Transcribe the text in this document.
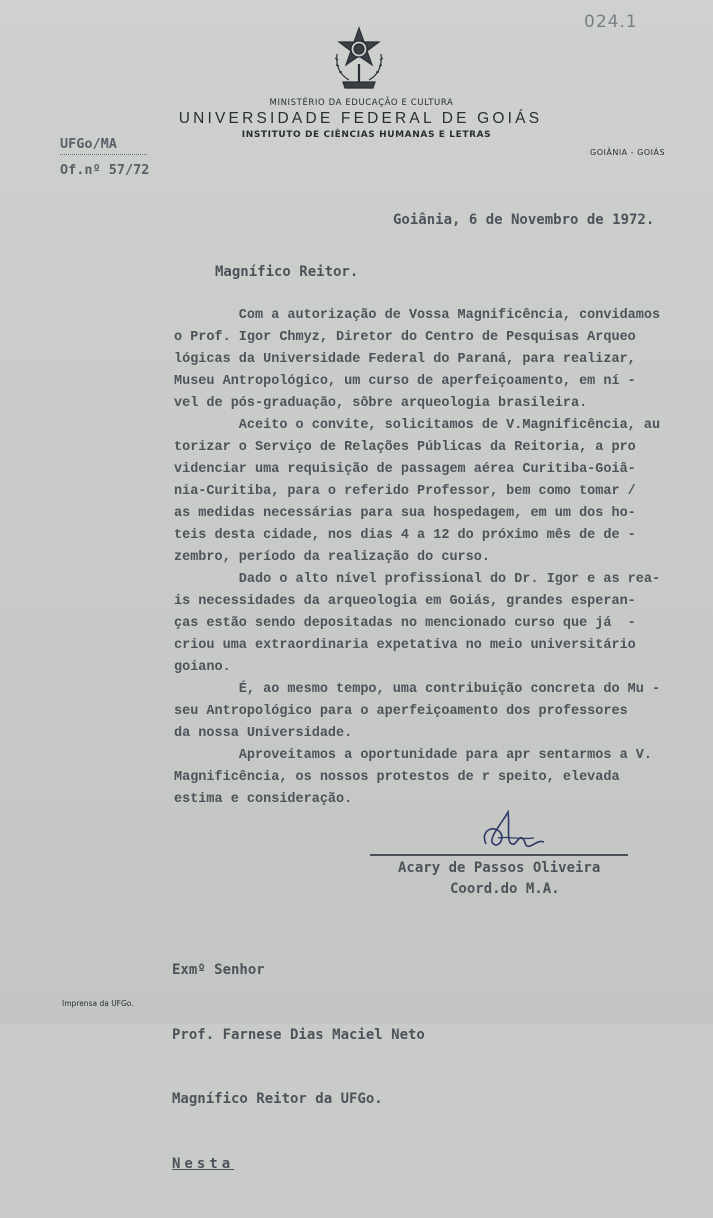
024.1
MINISTÉRIO DA EDUCAÇÃO E CULTURA
UNIVERSIDADE FEDERAL DE GOIÁS
INSTITUTO DE CIÊNCIAS HUMANAS E LETRAS
GOIÂNIA - GOIÁS
UFGo/MA
Of.nº 57/72
Goiânia, 6 de Novembro de 1972.
Magnífico Reitor.
Com a autorização de Vossa Magnificência, convidamos
o Prof. Igor Chmyz, Diretor do Centro de Pesquisas Arqueo
lógicas da Universidade Federal do Paraná, para realizar,
Museu Antropológico, um curso de aperfeiçoamento, em ní -
vel de pós-graduação, sôbre arqueologia brasileira.
Aceito o convite, solicitamos de V.Magnificência, au
torizar o Serviço de Relações Públicas da Reitoria, a pro
videnciar uma requisição de passagem aérea Curitiba-Goiâ-
nia-Curitiba, para o referido Professor, bem como tomar /
as medidas necessárias para sua hospedagem, em um dos ho-
teis desta cidade, nos dias 4 a 12 do próximo mês de de -
zembro, período da realização do curso.
Dado o alto nível profissional do Dr. Igor e as rea-
is necessidades da arqueologia em Goiás, grandes esperan-
ças estão sendo depositadas no mencionado curso que já  -
criou uma extraordinaria expetativa no meio universitário
goiano.
É, ao mesmo tempo, uma contribuição concreta do Mu -
seu Antropológico para o aperfeiçoamento dos professores
da nossa Universidade.
Aproveitamos a oportunidade para apr sentarmos a V.
Magnificência, os nossos protestos de r speito, elevada
estima e consideração.
Acary de Passos Oliveira
Coord.do M.A.

Exmº Senhor

Prof. Farnese Dias Maciel Neto

Magnífico Reitor da UFGo.

Nesta

Imprensa da UFGo.
